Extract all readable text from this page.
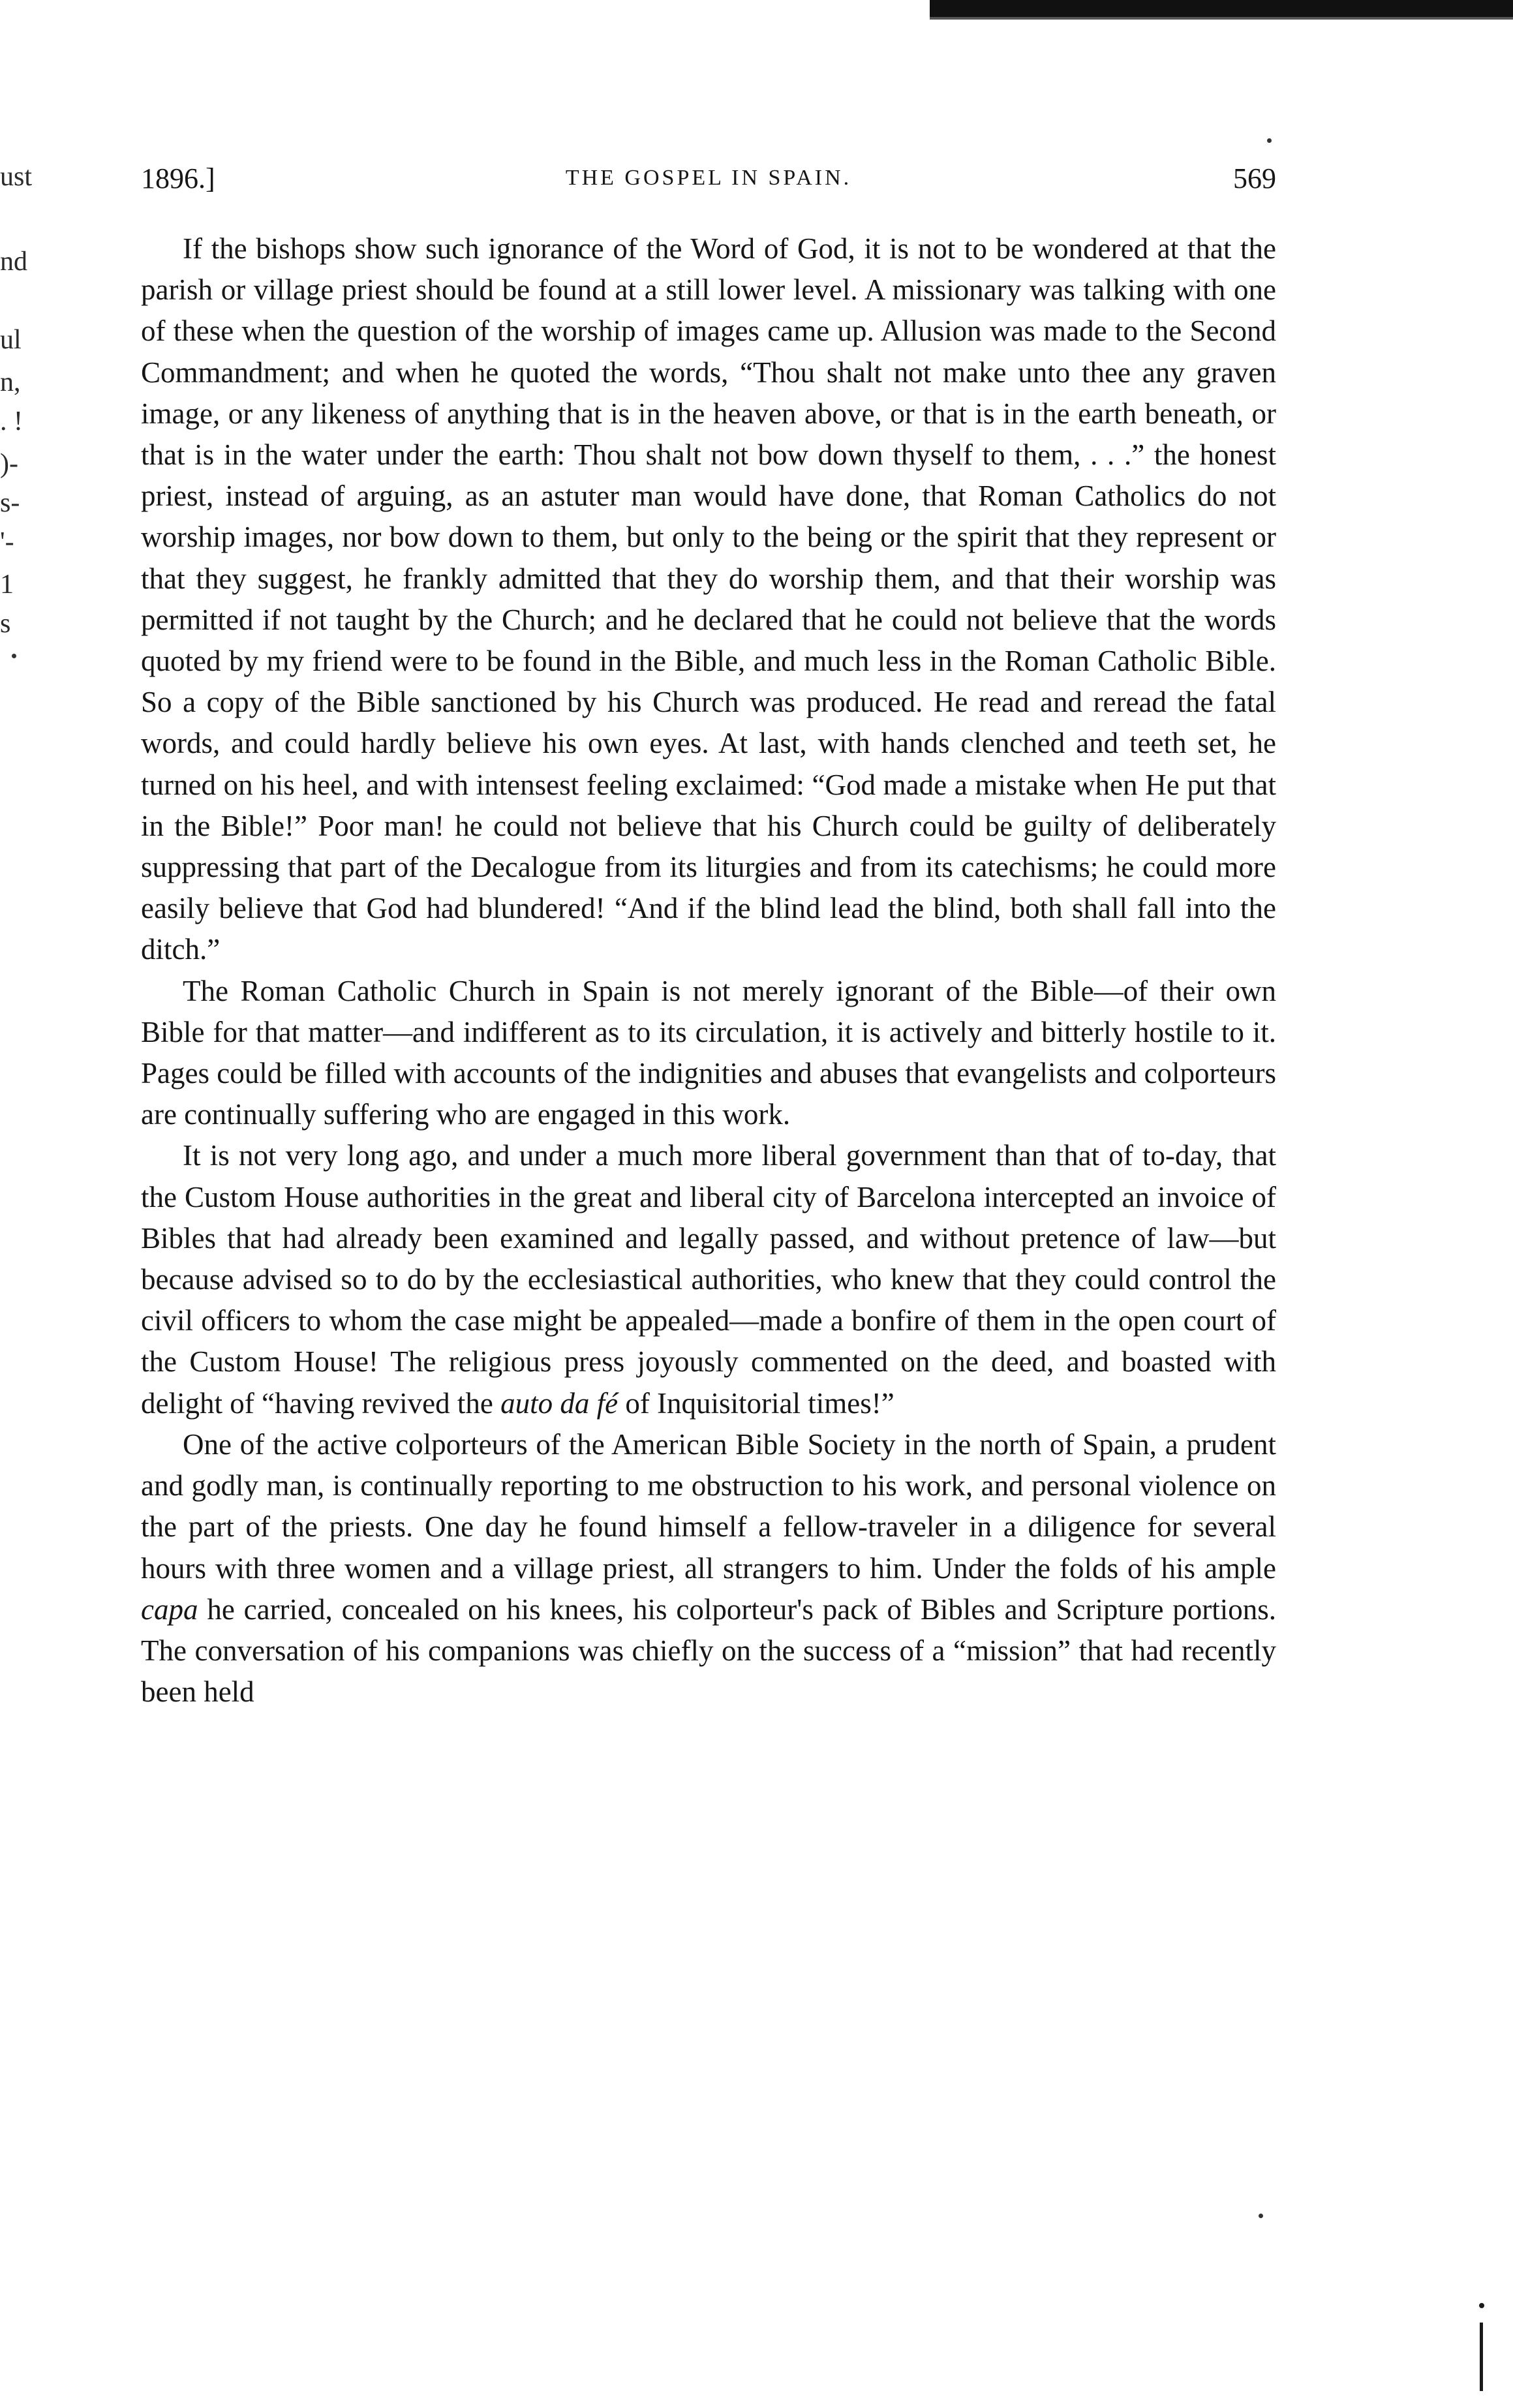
ust
nd
ul
n,
. !
)-
s-
'-
1
s
1896.]	THE GOSPEL IN SPAIN.	569

If the bishops show such ignorance of the Word of God, it is not to be wondered at that the parish or village priest should be found at a still lower level. A missionary was talking with one of these when the question of the worship of images came up. Allusion was made to the Second Commandment; and when he quoted the words, “Thou shalt not make unto thee any graven image, or any likeness of anything that is in the heaven above, or that is in the earth beneath, or that is in the water under the earth: Thou shalt not bow down thyself to them, . . .” the honest priest, instead of arguing, as an astuter man would have done, that Roman Catholics do not worship images, nor bow down to them, but only to the being or the spirit that they represent or that they suggest, he frankly admitted that they do worship them, and that their worship was permitted if not taught by the Church; and he declared that he could not believe that the words quoted by my friend were to be found in the Bible, and much less in the Roman Catholic Bible. So a copy of the Bible sanctioned by his Church was produced. He read and reread the fatal words, and could hardly believe his own eyes. At last, with hands clenched and teeth set, he turned on his heel, and with intensest feeling exclaimed: “God made a mistake when He put that in the Bible!” Poor man! he could not believe that his Church could be guilty of deliberately suppressing that part of the Decalogue from its liturgies and from its catechisms; he could more easily believe that God had blundered! “And if the blind lead the blind, both shall fall into the ditch.”

The Roman Catholic Church in Spain is not merely ignorant of the Bible—of their own Bible for that matter—and indifferent as to its circulation, it is actively and bitterly hostile to it. Pages could be filled with accounts of the indignities and abuses that evangelists and colporteurs are continually suffering who are engaged in this work.

It is not very long ago, and under a much more liberal government than that of to-day, that the Custom House authorities in the great and liberal city of Barcelona intercepted an invoice of Bibles that had already been examined and legally passed, and without pretence of law—but because advised so to do by the ecclesiastical authorities, who knew that they could control the civil officers to whom the case might be appealed—made a bonfire of them in the open court of the Custom House! The religious press joyously commented on the deed, and boasted with delight of “having revived the auto da fé of Inquisitorial times!”

One of the active colporteurs of the American Bible Society in the north of Spain, a prudent and godly man, is continually reporting to me obstruction to his work, and personal violence on the part of the priests. One day he found himself a fellow-traveler in a diligence for several hours with three women and a village priest, all strangers to him. Under the folds of his ample capa he carried, concealed on his knees, his colporteur's pack of Bibles and Scripture portions. The conversation of his companions was chiefly on the success of a “mission” that had recently been held
